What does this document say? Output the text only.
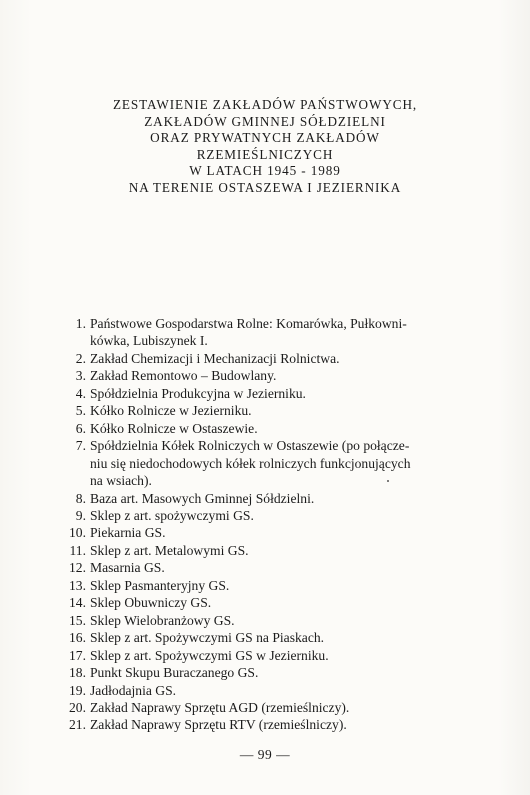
ZESTAWIENIE ZAKŁADÓW PAŃSTWOWYCH,
ZAKŁADÓW GMINNEJ SÓŁDZIELNI
ORAZ PRYWATNYCH ZAKŁADÓW
RZEMIEŚLNICZYCH
W LATACH 1945 - 1989
NA TERENIE OSTASZEWA I JEZIERNIKA
1. Państwowe Gospodarstwa Rolne: Komarówka, Pułkowni-
kówka, Lubiszynek I.
2. Zakład Chemizacji i Mechanizacji Rolnictwa.
3. Zakład Remontowo – Budowlany.
4. Spółdzielnia Produkcyjna w Jezierniku.
5. Kółko Rolnicze w Jezierniku.
6. Kółko Rolnicze w Ostaszewie.
7. Spółdzielnia Kółek Rolniczych w Ostaszewie (po połącze-
niu się niedochodowych kółek rolniczych funkcjonujących
na wsiach).
8. Baza art. Masowych Gminnej Sółdzielni.
9. Sklep z art. spożywczymi GS.
10. Piekarnia GS.
11. Sklep z art. Metalowymi GS.
12. Masarnia GS.
13. Sklep Pasmanteryjny GS.
14. Sklep Obuwniczy GS.
15. Sklep Wielobranżowy GS.
16. Sklep z art. Spożywczymi GS na Piaskach.
17. Sklep z art. Spożywczymi GS w Jezierniku.
18. Punkt Skupu Buraczanego GS.
19. Jadłodajnia GS.
20. Zakład Naprawy Sprzętu AGD (rzemieślniczy).
21. Zakład Naprawy Sprzętu RTV (rzemieślniczy).
— 99 —
